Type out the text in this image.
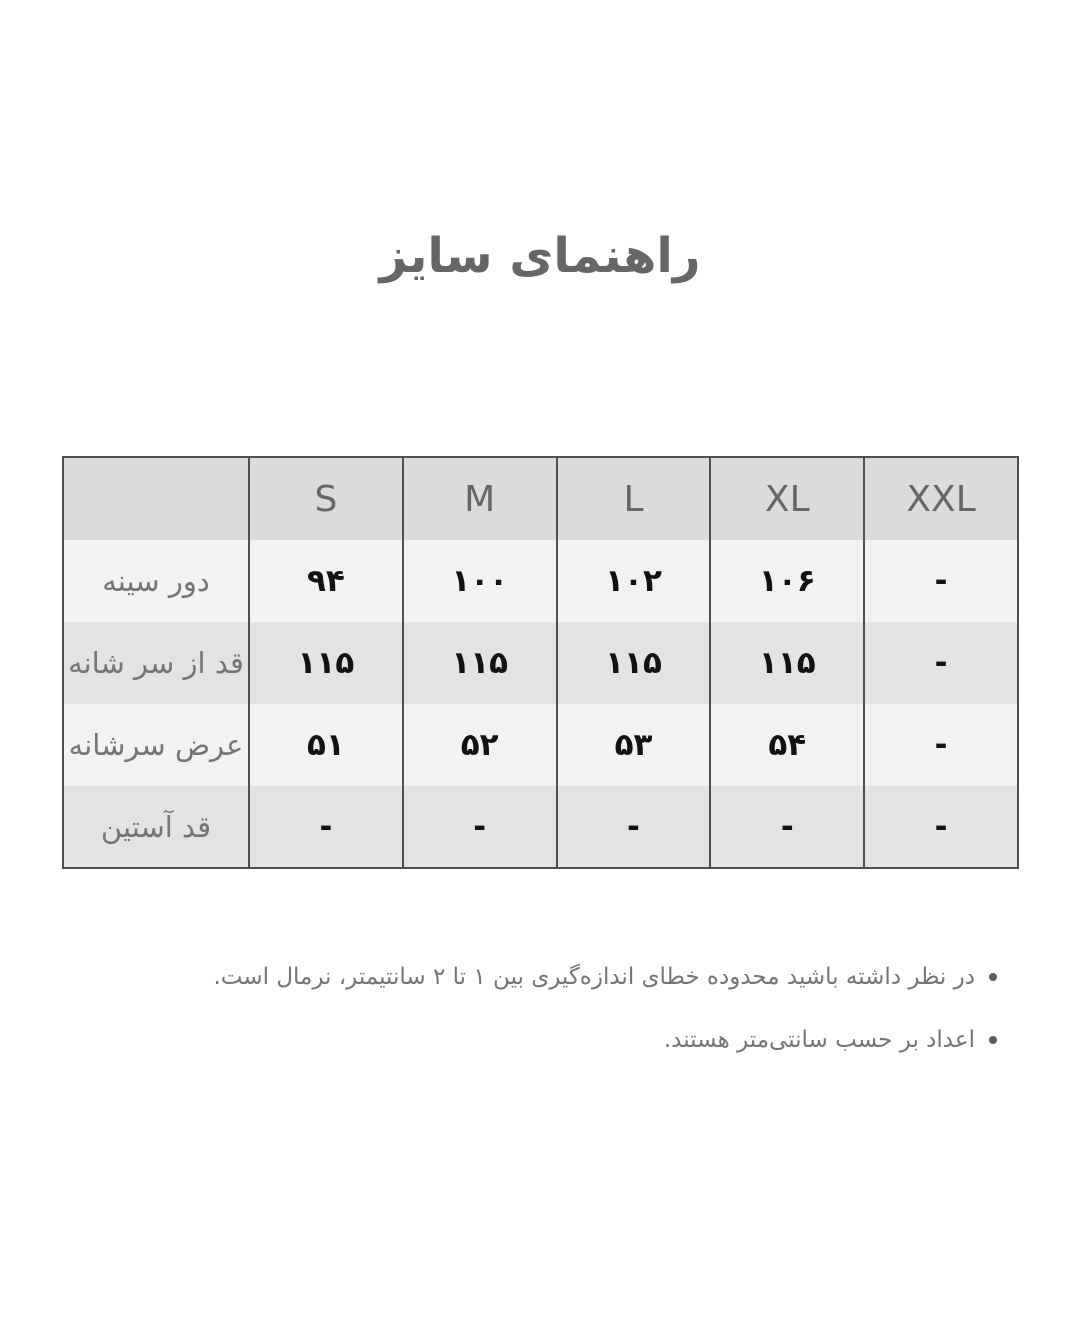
راهنمای سایز
	S	M	L	XL	XXL
دور سینه	۹۴	۱۰۰	۱۰۲	۱۰۶	-
قد از سر شانه	۱۱۵	۱۱۵	۱۱۵	۱۱۵	-
عرض سرشانه	۵۱	۵۲	۵۳	۵۴	-
قد آستین	-	-	-	-	-
در نظر داشته باشید محدوده خطای اندازه‌گیری بین ۱ تا ۲ سانتیمتر، نرمال است.
اعداد بر حسب سانتی‌متر هستند.
